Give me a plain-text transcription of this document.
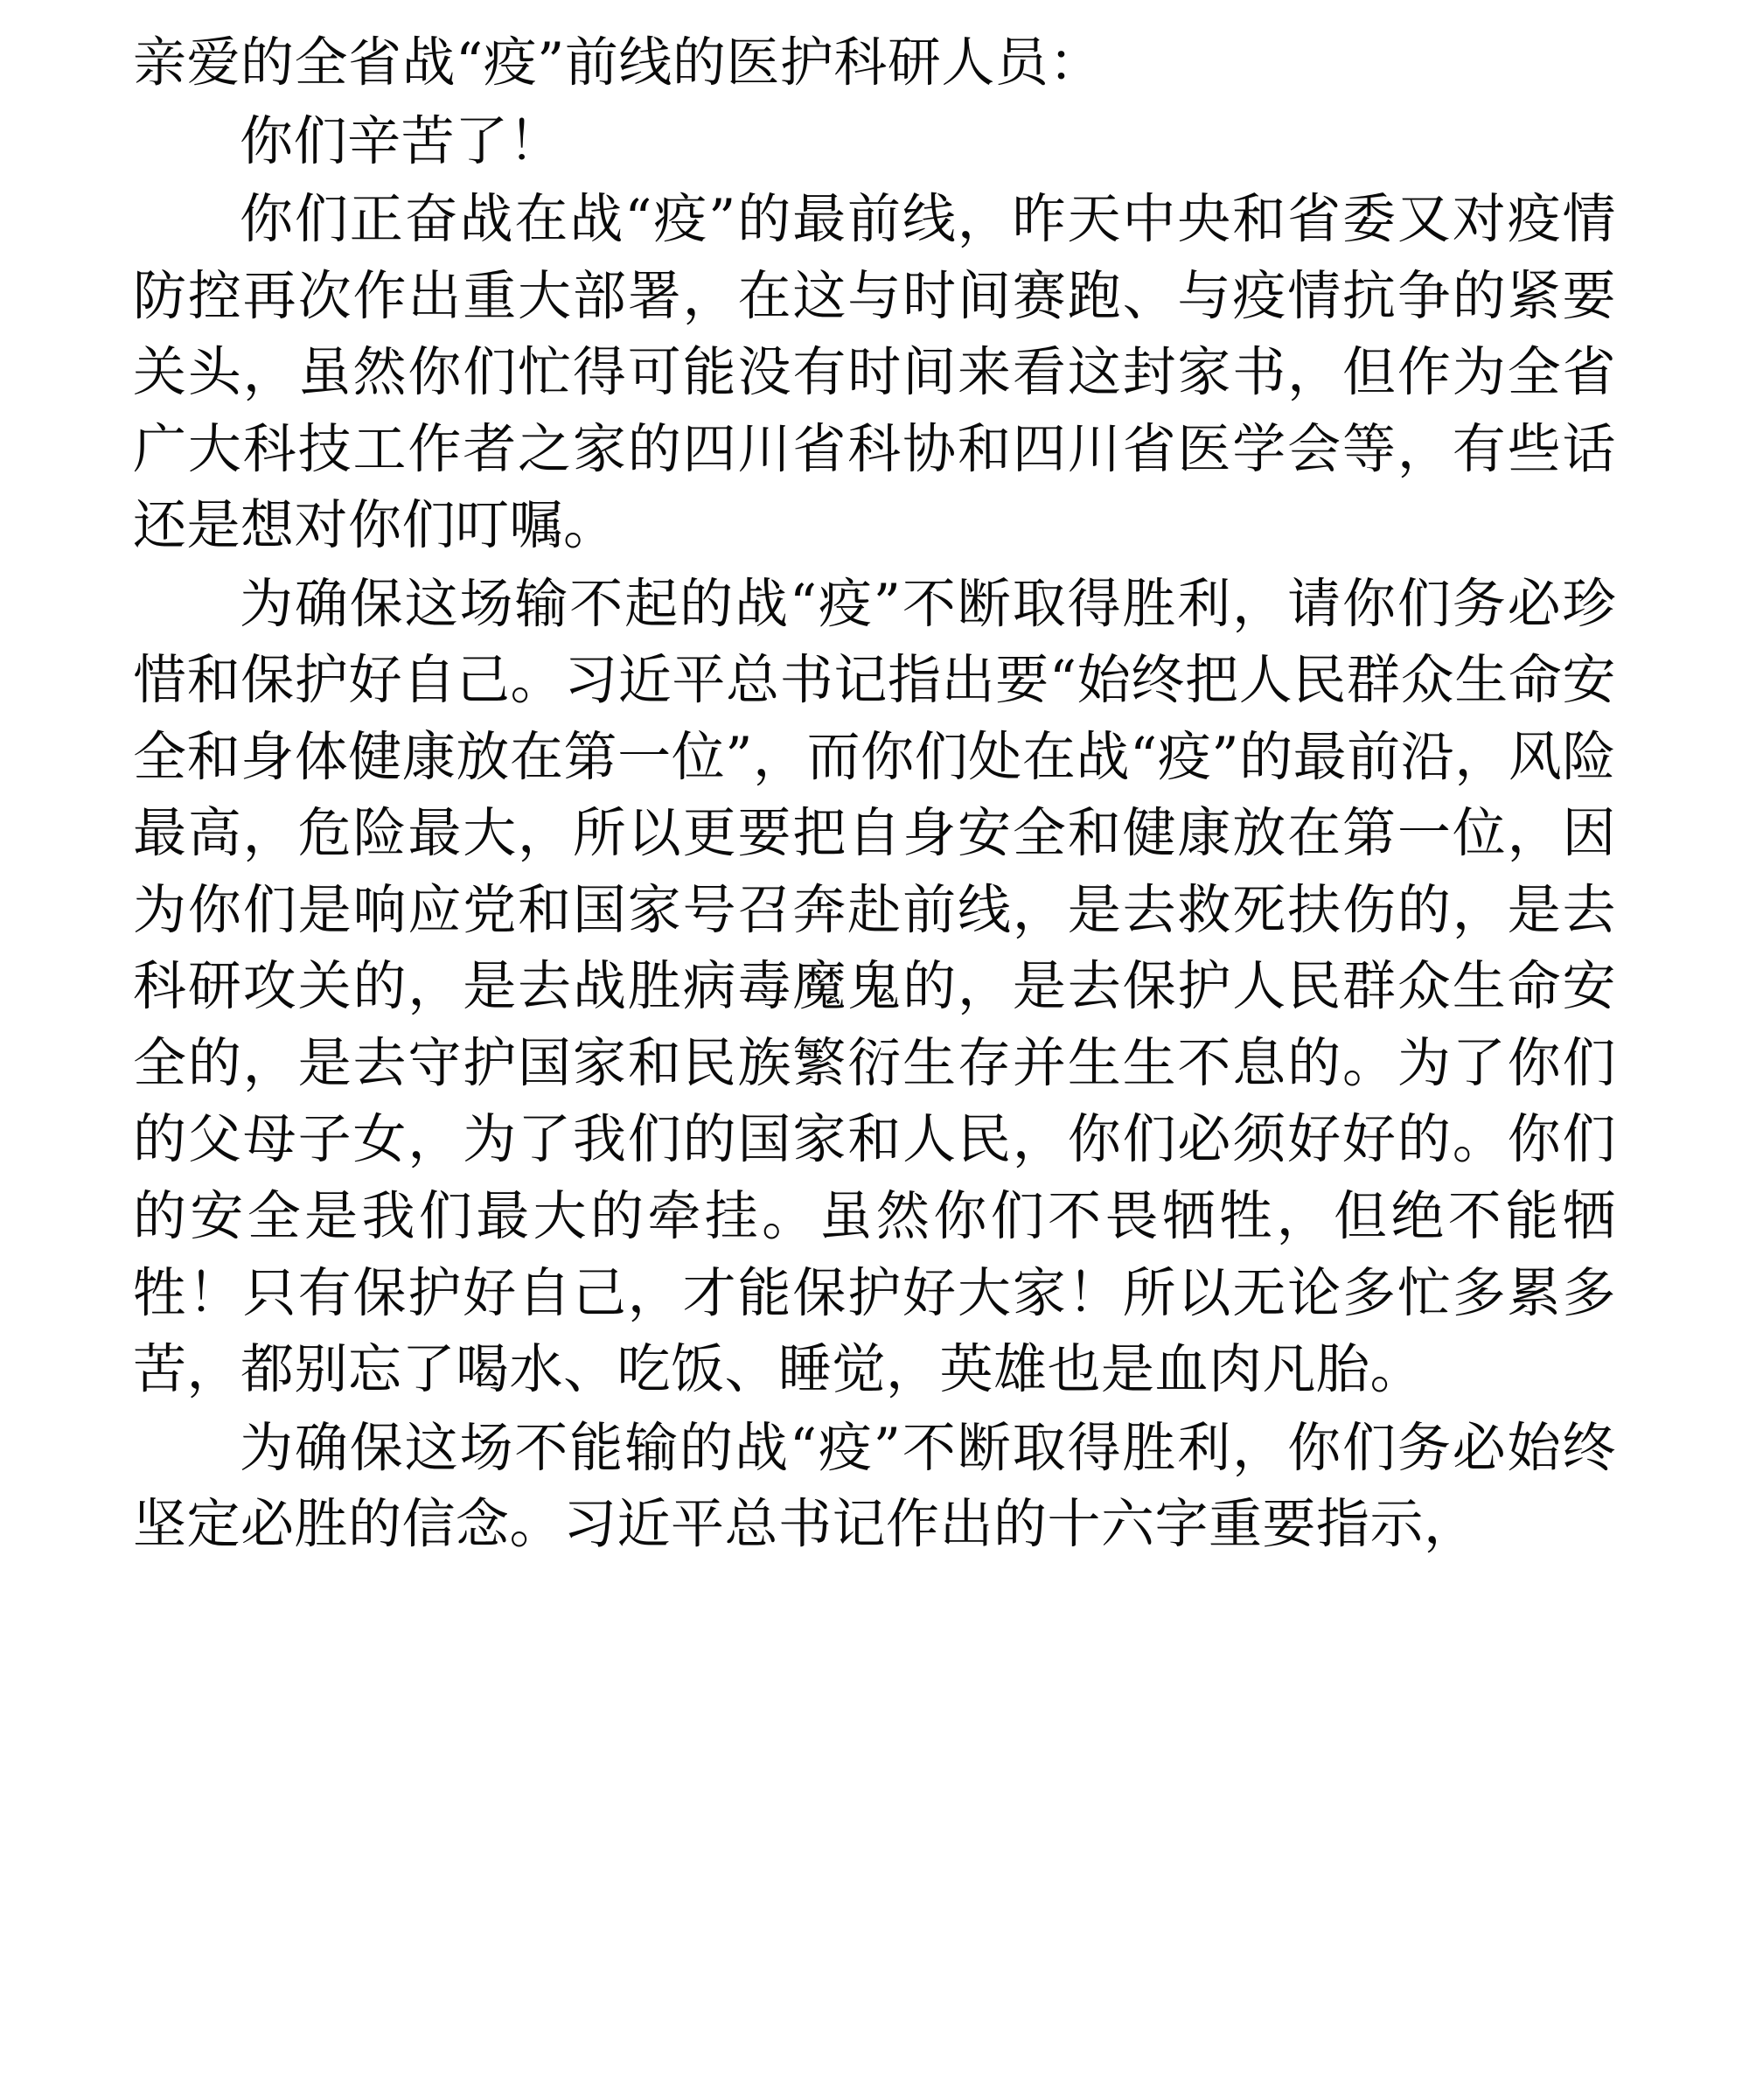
亲爱的全省战“疫”前线的医护科研人员：

你们辛苦了！

你们正奋战在战“疫”的最前线，昨天中央和省委又对疫情防控再次作出重大部署，在这与时间赛跑、与疫情抗争的紧要关头，虽然你们忙得可能没有时间来看这封家书，但作为全省广大科技工作者之家的四川省科协和四川省医学会等，有些话还是想对你们叮嘱。

为确保这场输不起的战“疫”不断取得胜利，请你们务必珍惜和保护好自己。习近平总书记指出要“始终把人民群众生命安全和身体健康放在第一位”，而你们处在战“疫”的最前沿，风险最高，危险最大，所以更要把自身安全和健康放在第一位，因为你们是响应党和国家号召奔赴前线，是去救死扶伤的，是去科研攻关的，是去战胜病毒魔鬼的，是去保护人民群众生命安全的，是去守护国家和民族繁衍生存并生生不息的。为了你们的父母子女，为了我们的国家和人民，你们必须好好的。你们的安全是我们最大的牵挂。虽然你们不畏牺牲，但绝不能牺牲！只有保护好自己，才能保护好大家！所以无论多忙多累多苦，都别忘了喝水、吃饭、睡觉，英雄也是血肉凡胎。

为确保这场不能输的战“疫”不断取得胜利，你们务必始终坚定必胜的信念。习近平总书记作出的十六字重要指示，
